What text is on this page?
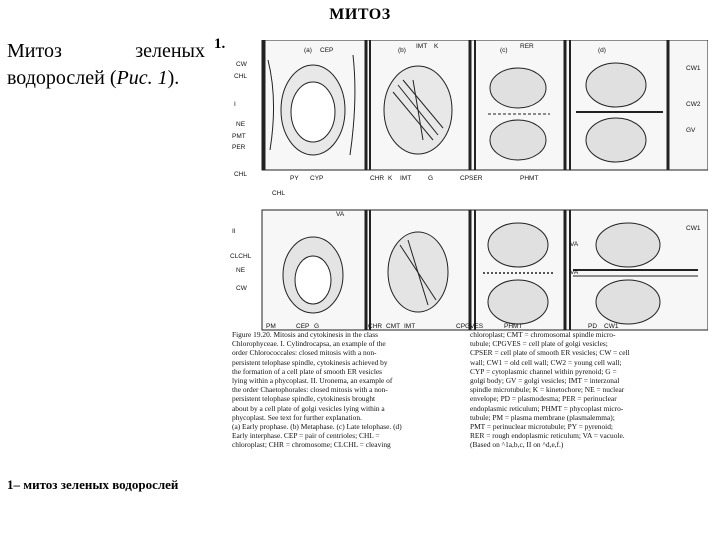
МИТОЗ
Митоз зеленых водорослей (Рис. 1).
1.	(a)	(b)	(c)	(d)
CW
CHL
I
NE
PMT
PER
CHL
CEP
IMT K	RER
CW1
CW2
GV
PY CYP	CHR K IMT	G	CPSER	PHMT
CHL
II
CLCHL
NE
CW
VA
CW1
VA
VA
PM	CEP G	CHR CMT IMT	CPGVES	PHMT	PD CW1
Figure 19.20. Mitosis and cytokinesis in the class
Chlorophyceae. I. Cylindrocapsa, an example of the
order Chlorococcales: closed mitosis with a non-
persistent telophase spindle, cytokinesis achieved by
the formation of a cell plate of smooth ER vesicles
lying within a phycoplast. II. Uronema, an example of
the order Chaetophorales: closed mitosis with a non-
persistent telophase spindle, cytokinesis brought
about by a cell plate of golgi vesicles lying within a
phycoplast. See text for further explanation.
(a) Early prophase. (b) Metaphase. (c) Late telophase. (d)
Early interphase. CEP = pair of centrioles; CHL =
chloroplast; CHR = chromosome; CLCHL = cleaving
chloroplast; CMT = chromosomal spindle micro-
tubule; CPGVES = cell plate of golgi vesicles;
CPSER = cell plate of smooth ER vesicles; CW = cell
wall; CW1 = old cell wall; CW2 = young cell wall;
CYP = cytoplasmic channel within pyrenoid; G =
golgi body; GV = golgi vesicles; IMT = interzonal
spindle microtubule; K = kinetochore; NE = nuclear
envelope; PD = plasmodesma; PER = perinuclear
endoplasmic reticulum; PHMT = phycoplast micro-
tubule; PM = plasma membrane (plasmalemma);
PMT = perinuclear microtubule; PY = pyrenoid;
RER = rough endoplasmic reticulum; VA = vacuole.
(Based on ^1a,b,c, II on ^d,e,f.)
1– митоз зеленых водорослей
